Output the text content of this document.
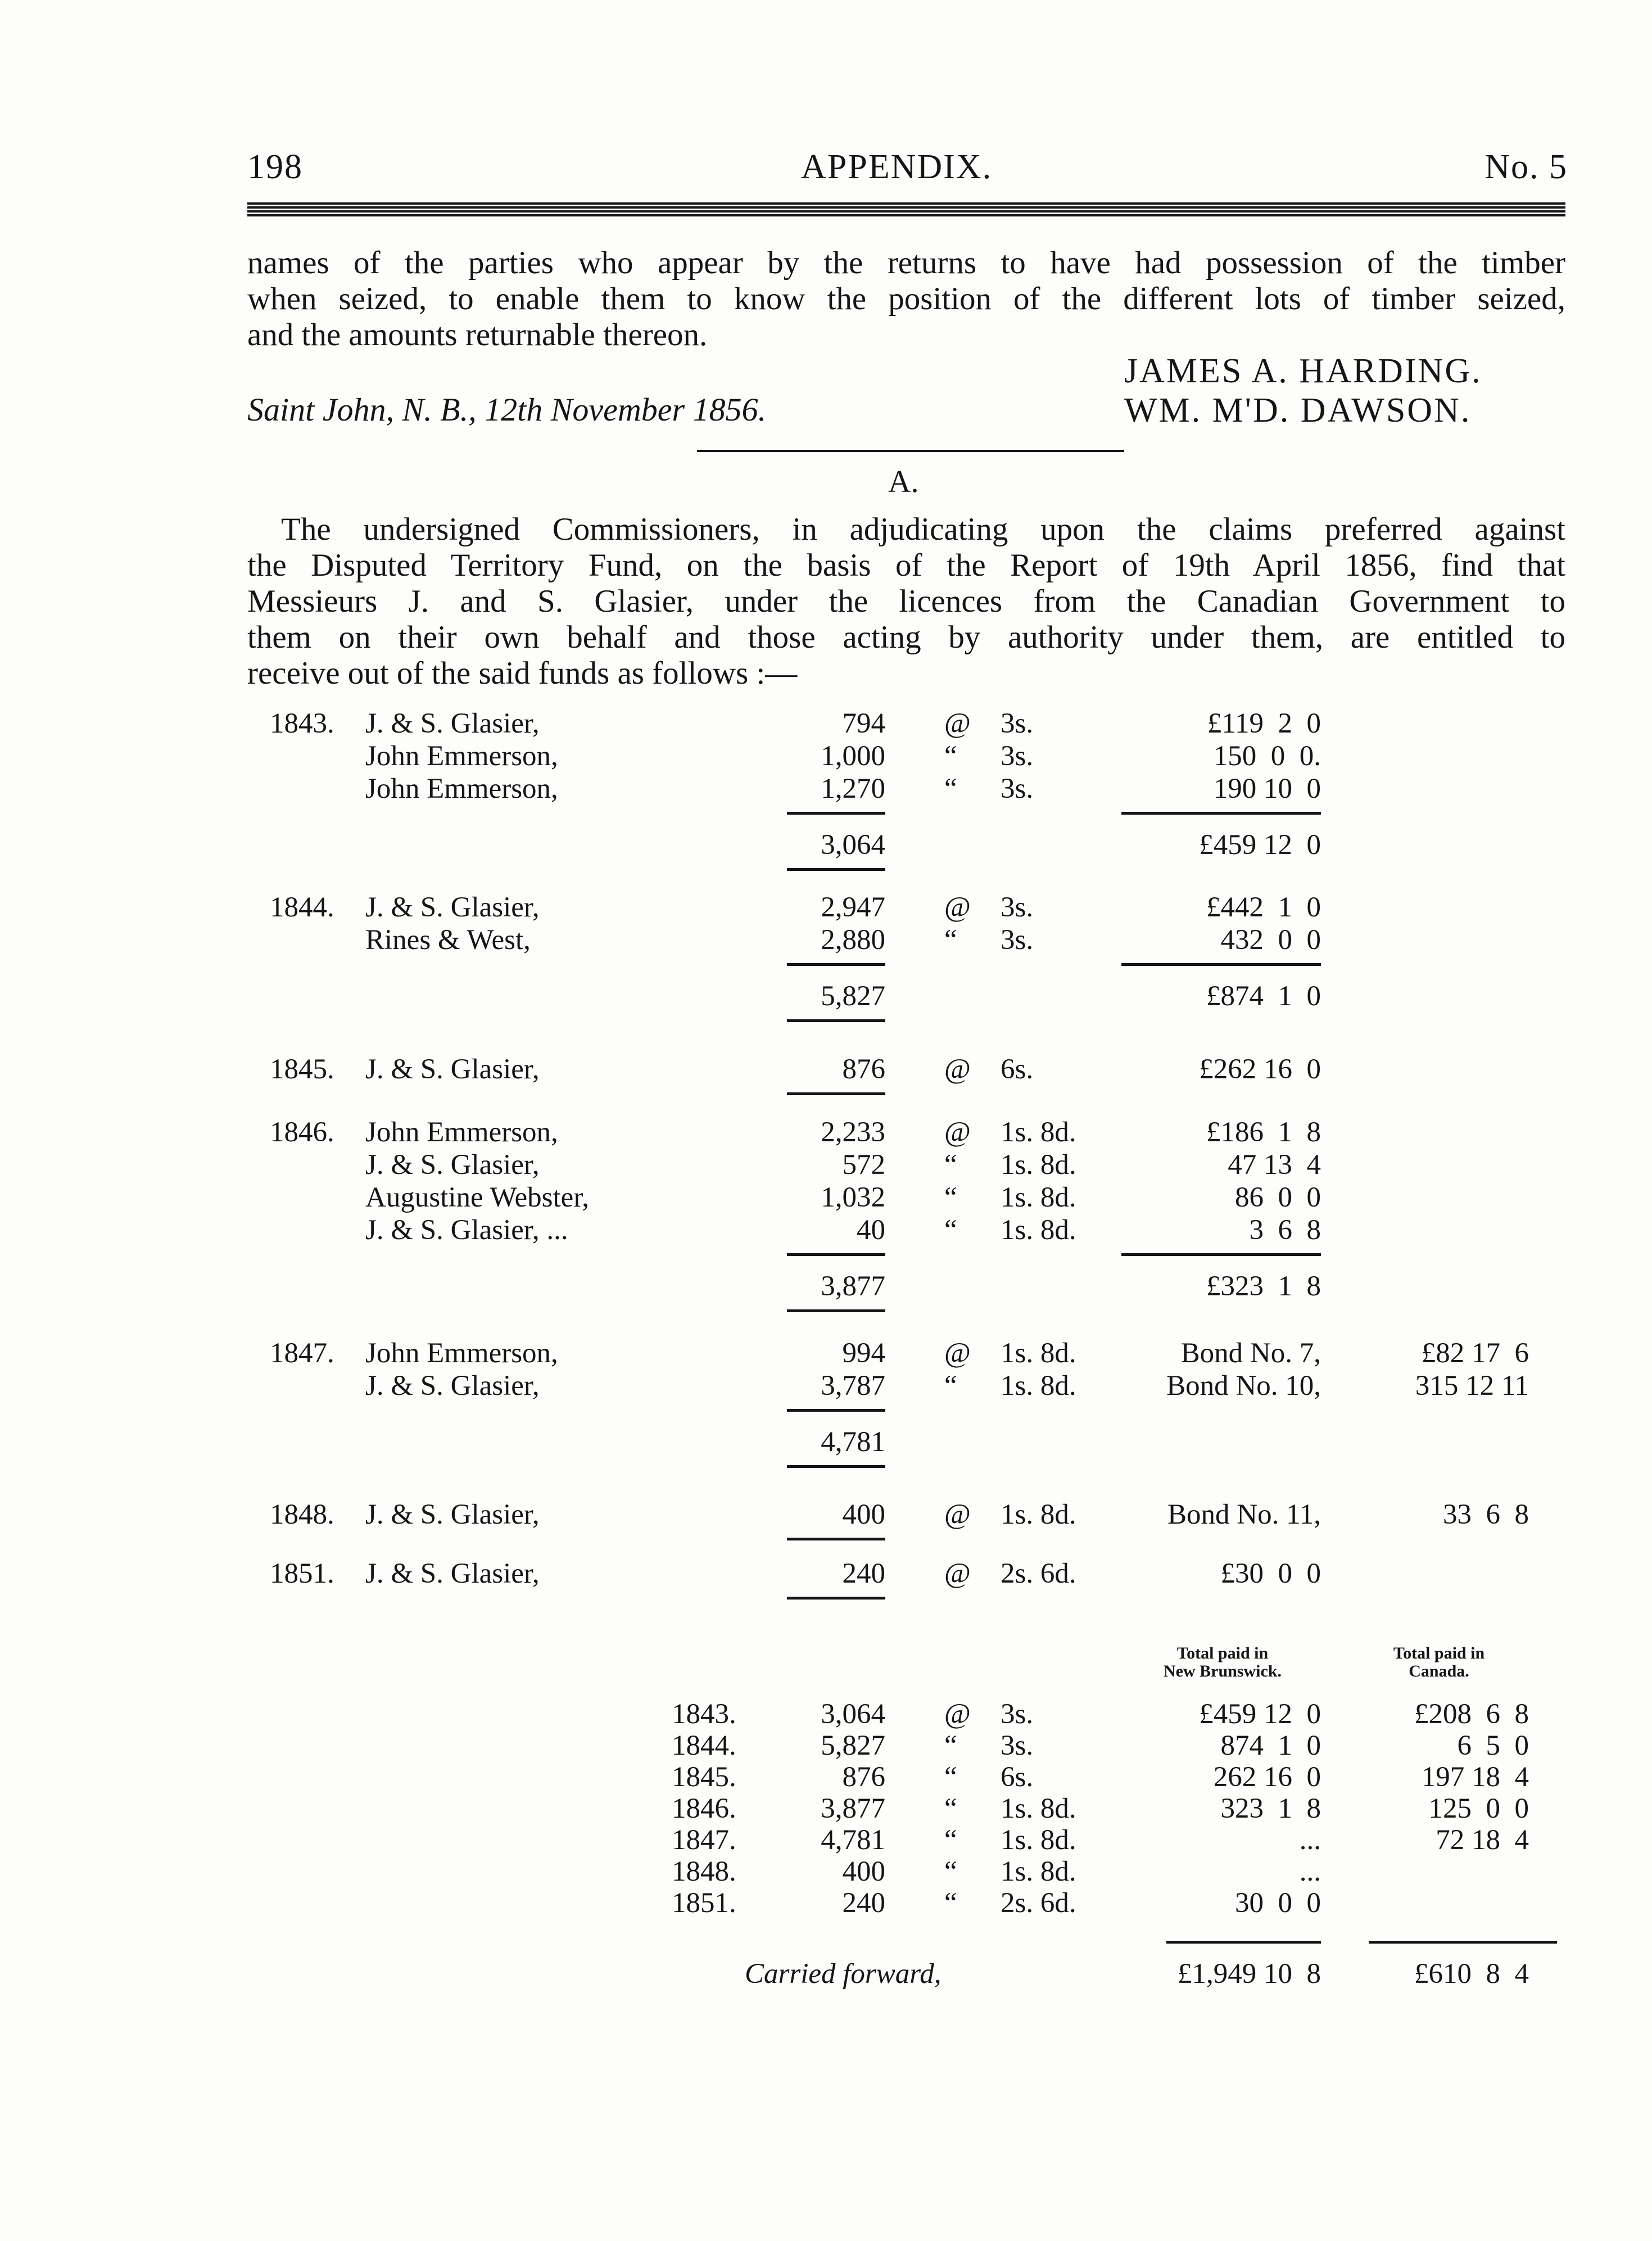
198	APPENDIX.	No. 5
names of the parties who appear by the returns to have had possession of the timber
when seized, to enable them to know the position of the different lots of timber seized,
and the amounts returnable thereon.
JAMES A. HARDING.
Saint John, N. B., 12th November 1856.	WM. M'D. DAWSON.
A.
The undersigned Commissioners, in adjudicating upon the claims preferred against
the Disputed Territory Fund, on the basis of the Report of 19th April 1856, find that
Messieurs J. and S. Glasier, under the licences from the Canadian Government to
them on their own behalf and those acting by authority under them, are entitled to
receive out of the said funds as follows :—
1843. J. & S. Glasier,	794 @ 3s.	£119  2  0
John Emmerson,	1,000 “ 3s.	150  0  0.
John Emmerson,	1,270 “ 3s.	190 10  0
3,064	£459 12  0
1844. J. & S. Glasier,	2,947 @ 3s.	£442  1  0
Rines & West,	2,880 “ 3s.	432  0  0
5,827	£874  1  0
1845. J. & S. Glasier,	876 @ 6s.	£262 16  0
1846. John Emmerson,	2,233 @ 1s. 8d.	£186  1  8
J. & S. Glasier,	572 “ 1s. 8d.	47 13  4
Augustine Webster,	1,032 “ 1s. 8d.	86  0  0
J. & S. Glasier, ...	40 “ 1s. 8d.	3  6  8
3,877	£323  1  8
1847. John Emmerson,	994 @ 1s. 8d.	Bond No. 7,	£82 17  6
J. & S. Glasier,	3,787 “ 1s. 8d.	Bond No. 10,	315 12 11
4,781
1848. J. & S. Glasier,	400 @ 1s. 8d.	Bond No. 11,	33  6  8
1851. J. & S. Glasier,	240 @ 2s. 6d.	£30  0  0
Total paid in
New Brunswick.
Total paid in
Canada.
1843.	3,064 @ 3s.	£459 12  0	£208  6  8
1844.	5,827 “ 3s.	874  1  0	6  5  0
1845.	876 “ 6s.	262 16  0	197 18  4
1846.	3,877 “ 1s. 8d.	323  1  8	125  0  0
1847.	4,781 “ 1s. 8d.	...	72 18  4
1848.	400 “ 1s. 8d.	...
1851.	240 “ 2s. 6d.	30  0  0
Carried forward,	£1,949 10  8	£610  8  4
